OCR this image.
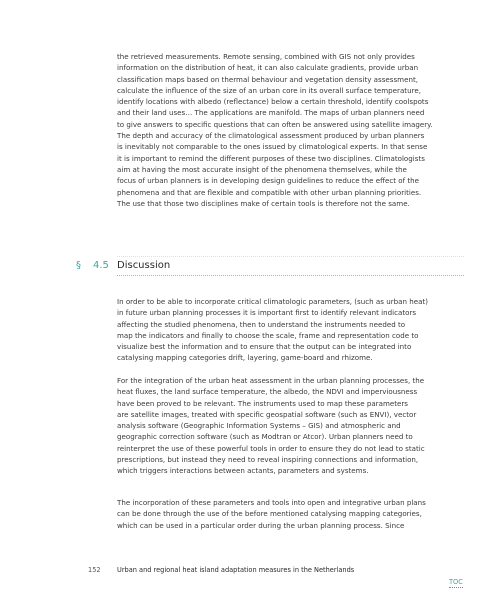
the retrieved measurements. Remote sensing, combined with GIS not only provides
information on the distribution of heat, it can also calculate gradients, provide urban
classification maps based on thermal behaviour and vegetation density assessment,
calculate the influence of the size of an urban core in its overall surface temperature,
identify locations with albedo (reflectance) below a certain threshold, identify coolspots
and their land uses… The applications are manifold. The maps of urban planners need
to give answers to specific questions that can often be answered using satellite imagery.
The depth and accuracy of the climatological assessment produced by urban planners
is inevitably not comparable to the ones issued by climatological experts. In that sense
it is important to remind the different purposes of these two disciplines. Climatologists
aim at having the most accurate insight of the phenomena themselves, while the
focus of urban planners is in developing design guidelines to reduce the effect of the
phenomena and that are flexible and compatible with other urban planning priorities.
The use that those two disciplines make of certain tools is therefore not the same.
§ 4.5 Discussion
In order to be able to incorporate critical climatologic parameters, (such as urban heat)
in future urban planning processes it is important first to identify relevant indicators
affecting the studied phenomena, then to understand the instruments needed to
map the indicators and finally to choose the scale, frame and representation code to
visualize best the information and to ensure that the output can be integrated into
catalysing mapping categories drift, layering, game-board and rhizome.
For the integration of the urban heat assessment in the urban planning processes, the
heat fluxes, the land surface temperature, the albedo, the NDVI and imperviousness
have been proved to be relevant. The instruments used to map these parameters
are satellite images, treated with specific geospatial software (such as ENVI), vector
analysis software (Geographic Information Systems – GIS) and atmospheric and
geographic correction software (such as Modtran or Atcor). Urban planners need to
reinterpret the use of these powerful tools in order to ensure they do not lead to static
prescriptions, but instead they need to reveal inspiring connections and information,
which triggers interactions between actants, parameters and systems.
The incorporation of these parameters and tools into open and integrative urban plans
can be done through the use of the before mentioned catalysing mapping categories,
which can be used in a particular order during the urban planning process. Since
152 Urban and regional heat island adaptation measures in the Netherlands
TOC
